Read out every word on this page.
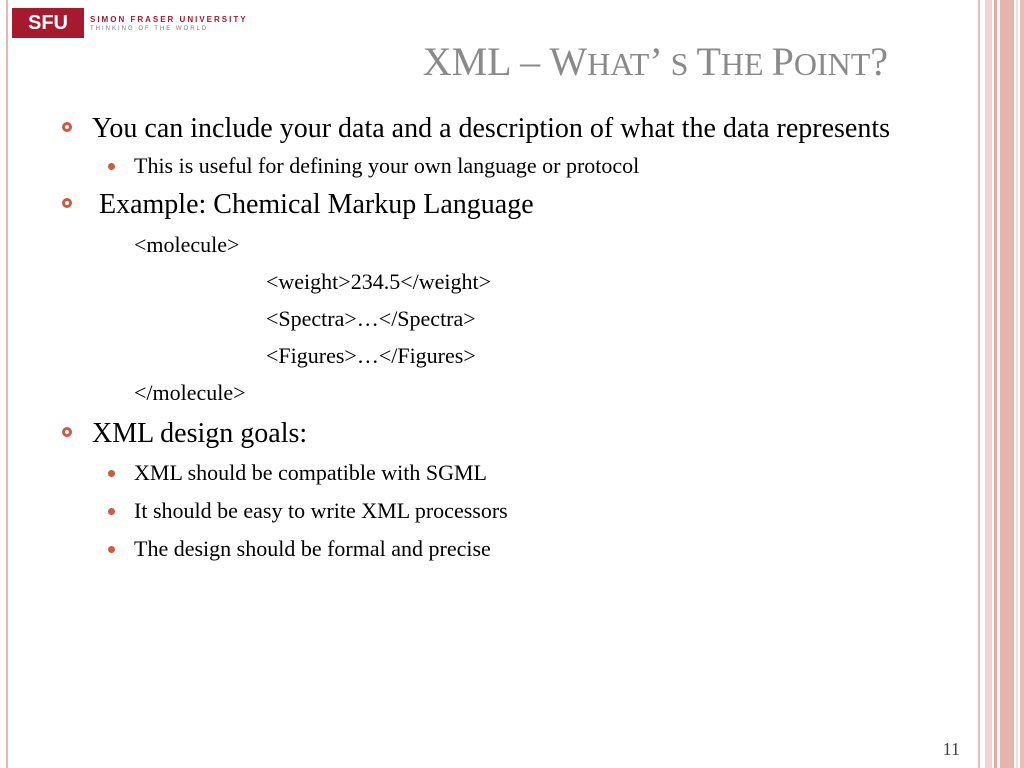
SFU	SIMON FRASER UNIVERSITY
THINKING OF THE WORLD
XML – WHAT’ S THE POINT?

You can include your data and a description of what the data represents

This is useful for defining your own language or protocol

Example: Chemical Markup Language

<molecule>

<weight>234.5</weight>

<Spectra>…</Spectra>

<Figures>…</Figures>

</molecule>

XML design goals:

XML should be compatible with SGML

It should be easy to write XML processors

The design should be formal and precise

11
